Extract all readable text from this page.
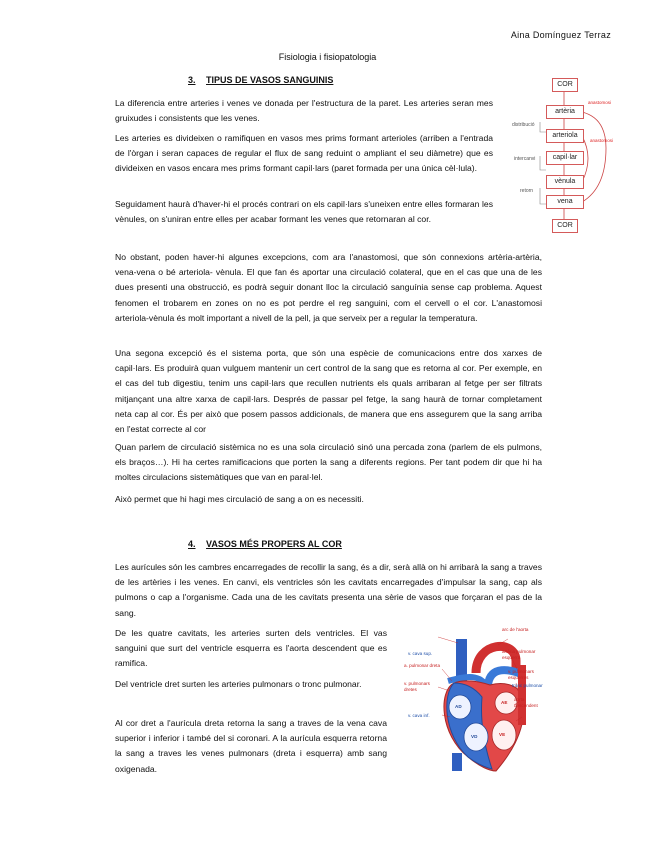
Aina Domínguez Terraz
Fisiologia i fisiopatologia
3. TIPUS DE VASOS SANGUINIS

La diferencia entre arteries i venes ve donada per l'estructura de la paret. Les arteries seran mes gruixudes i consistents que les venes.

Les arteries es divideixen o ramifiquen en vasos mes prims formant arterioles (arriben a l'entrada de l'òrgan i seran capaces de regular el flux de sang reduint o ampliant el seu diàmetre) que es divideixen en vasos encara mes prims formant capil·lars (paret formada per una única cèl·lula).

Seguidament haurà d'haver-hi el procés contrari on els capil·lars s'uneixen entre elles formaran les vènules, on s'uniran entre elles per acabar formant les venes que retornaran al cor.

No obstant, poden haver-hi algunes excepcions, com ara l'anastomosi, que són connexions artèria-artèria, vena-vena o bé arteriola- vènula. El que fan és aportar una circulació colateral, que en el cas que una de les dues presenti una obstrucció, es podrà seguir donant lloc la circulació sanguínia sense cap problema. Aquest fenomen el trobarem en zones on no es pot perdre el reg sanguini, com el cervell o el cor. L'anastomosi arteriola-vènula és molt important a nivell de la pell, ja que serveix per a regular la temperatura.

Una segona excepció és el sistema porta, que són una espècie de comunicacions entre dos xarxes de capil·lars. Es produirà quan vulguem mantenir un cert control de la sang que es retorna al cor. Per exemple, en el cas del tub digestiu, tenim uns capil·lars que recullen nutrients els quals arribaran al fetge per ser filtrats mitjançant una altre xarxa de capil·lars. Després de passar pel fetge, la sang haurà de tornar completament neta cap al cor. És per això que posem passos addicionals, de manera que ens assegurem que la sang arriba en l'estat correcte al cor

Quan parlem de circulació sistèmica no es una sola circulació sinó una percada zona (parlem de els pulmons, els braços…). Hi ha certes ramificacions que porten la sang a diferents regions. Per tant podem dir que hi ha moltes circulacions sistemàtiques que van en paral·lel.

Això permet que hi hagi mes circulació de sang a on es necessiti.

COR
artèria
arteriola
capil·lar
vènula
vena
COR
distribució
intercanvi
retorn
anastomosi
anastomosi
4. VASOS MÉS PROPERS AL COR

Les aurícules són les cambres encarregades de recollir la sang, és a dir, serà allà on hi arribarà la sang a traves de les artèries i les venes. En canvi, els ventricles són les cavitats encarregades d'impulsar la sang, cap als pulmons o cap a l'organisme. Cada una de les cavitats presenta una sèrie de vasos que forçaran el pas de la sang.

De les quatre cavitats, les arteries surten dels ventricles. El vas sanguini que surt del ventricle esquerra es l'aorta descendent que es ramifica.

Del ventricle dret surten les arteries pulmonars o tronc pulmonar.

Al cor dret a l'aurícula dreta retorna la sang a traves de la vena cava superior i inferior i també del si coronari. A la aurícula esquerra retorna la sang a traves les venes pulmonars (dreta i esquerra) amb sang oxigenada.

v. cava sup.
a. pulmonar dreta
v. pulmonars dretes
v. cava inf.
arc de l'aorta
artèria pulmonar esquerra
v. pulmonars esquerres
tronc pulmonar
aorta descendent
AD
AE
VD	VE
